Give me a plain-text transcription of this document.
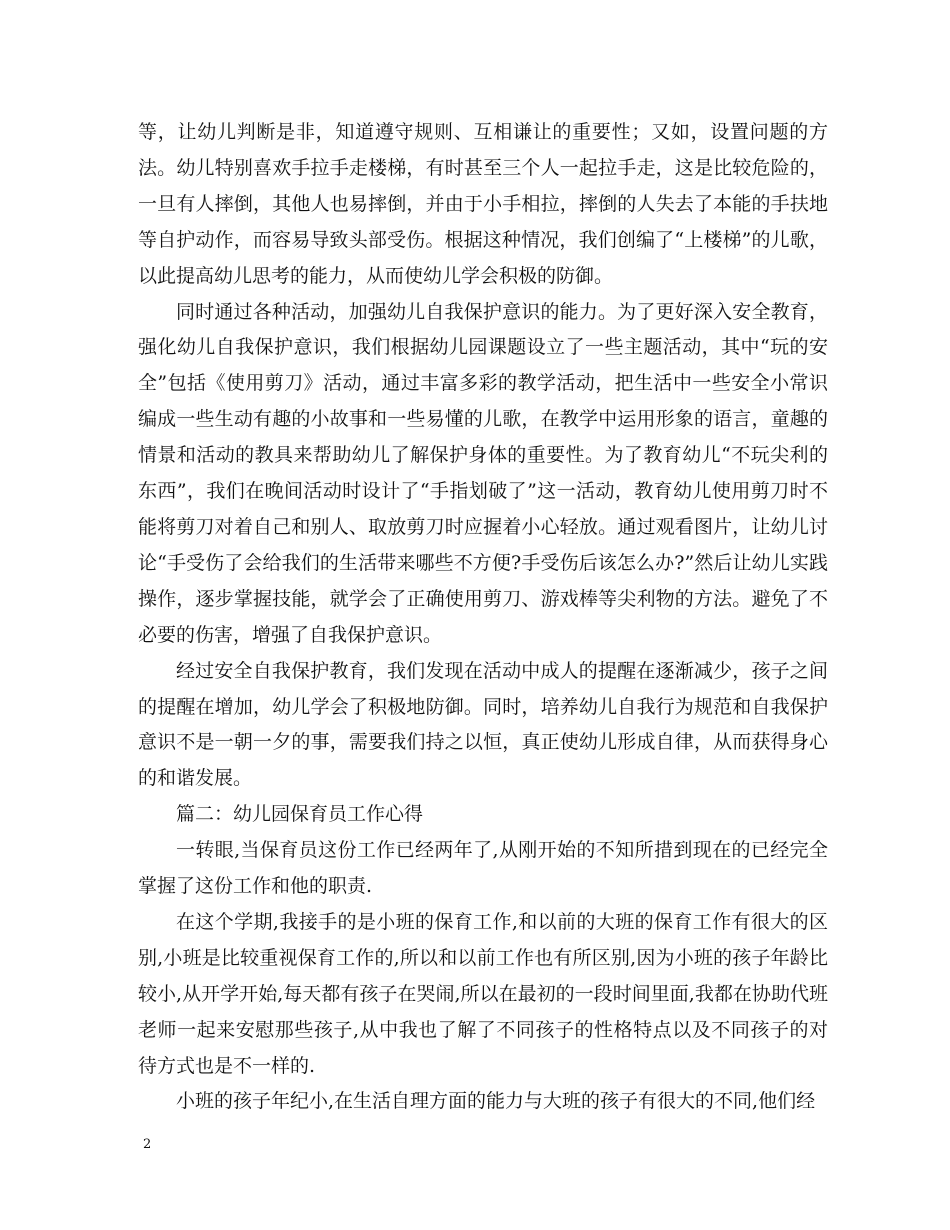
等，让幼儿判断是非，知道遵守规则、互相谦让的重要性；又如，设置问题的方法。幼儿特别喜欢手拉手走楼梯，有时甚至三个人一起拉手走，这是比较危险的，一旦有人摔倒，其他人也易摔倒，并由于小手相拉，摔倒的人失去了本能的手扶地等自护动作，而容易导致头部受伤。根据这种情况，我们创编了“上楼梯”的儿歌，以此提高幼儿思考的能力，从而使幼儿学会积极的防御。

同时通过各种活动，加强幼儿自我保护意识的能力。为了更好深入安全教育，强化幼儿自我保护意识，我们根据幼儿园课题设立了一些主题活动，其中“玩的安全”包括《使用剪刀》活动，通过丰富多彩的教学活动，把生活中一些安全小常识编成一些生动有趣的小故事和一些易懂的儿歌，在教学中运用形象的语言，童趣的情景和活动的教具来帮助幼儿了解保护身体的重要性。为了教育幼儿“不玩尖利的东西”，我们在晚间活动时设计了“手指划破了”这一活动，教育幼儿使用剪刀时不能将剪刀对着自己和别人、取放剪刀时应握着小心轻放。通过观看图片，让幼儿讨论“手受伤了会给我们的生活带来哪些不方便?手受伤后该怎么办?”然后让幼儿实践操作，逐步掌握技能，就学会了正确使用剪刀、游戏棒等尖利物的方法。避免了不必要的伤害，增强了自我保护意识。

经过安全自我保护教育，我们发现在活动中成人的提醒在逐渐减少，孩子之间的提醒在增加，幼儿学会了积极地防御。同时，培养幼儿自我行为规范和自我保护意识不是一朝一夕的事，需要我们持之以恒，真正使幼儿形成自律，从而获得身心的和谐发展。

篇二：幼儿园保育员工作心得

一转眼,当保育员这份工作已经两年了,从刚开始的不知所措到现在的已经完全掌握了这份工作和他的职责.

在这个学期,我接手的是小班的保育工作,和以前的大班的保育工作有很大的区别,小班是比较重视保育工作的,所以和以前工作也有所区别,因为小班的孩子年龄比较小,从开学开始,每天都有孩子在哭闹,所以在最初的一段时间里面,我都在协助代班老师一起来安慰那些孩子,从中我也了解了不同孩子的性格特点以及不同孩子的对待方式也是不一样的.

小班的孩子年纪小,在生活自理方面的能力与大班的孩子有很大的不同,他们经

2
